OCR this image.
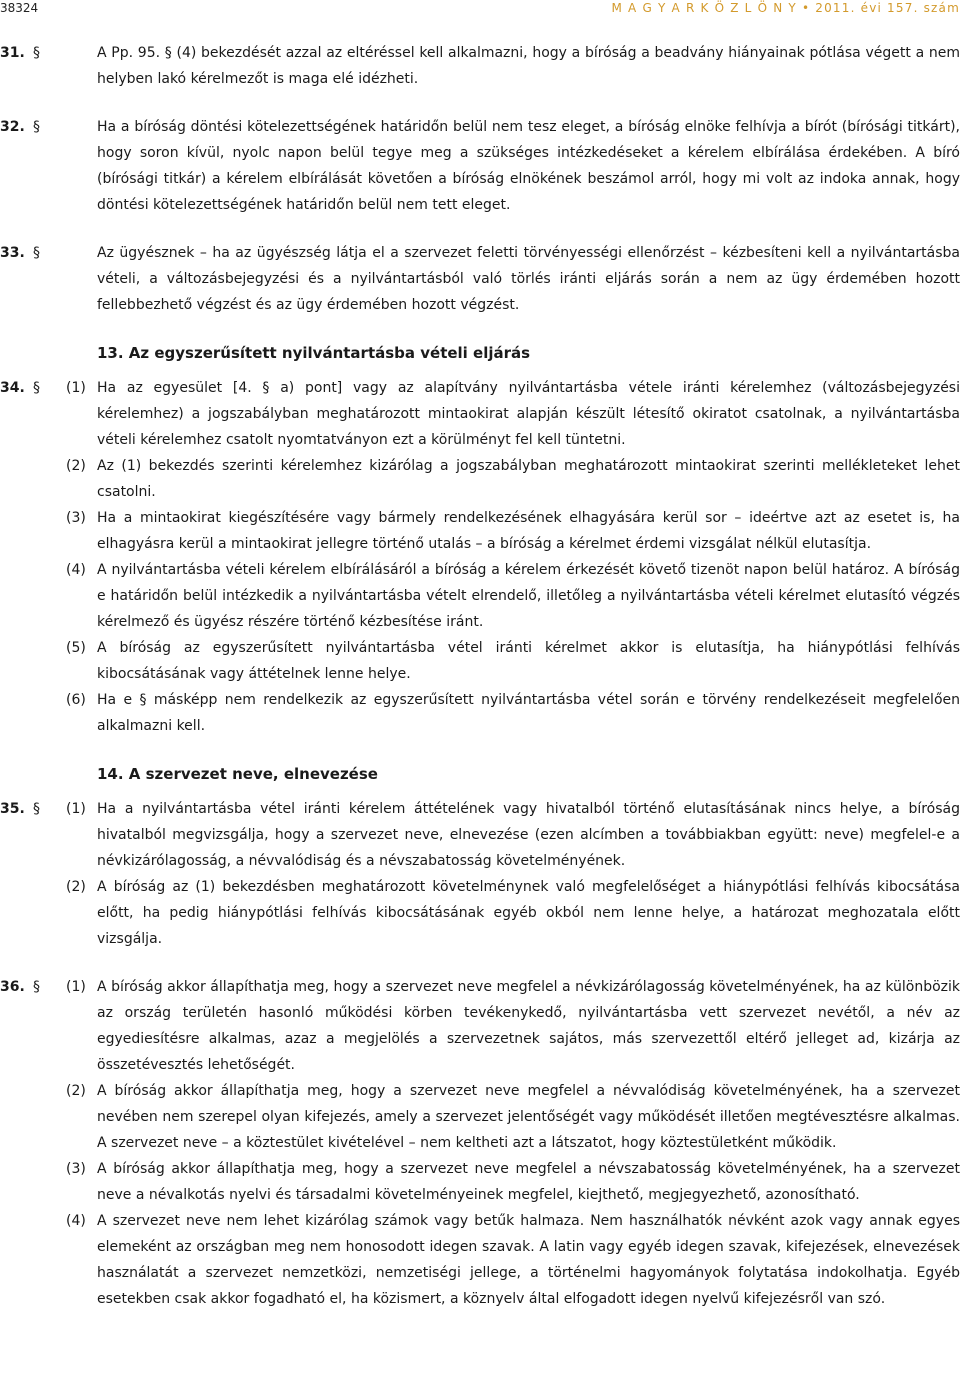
38324	M A G Y A R K Ö Z L Ö N Y • 2011. évi 157. szám

31. §	A Pp. 95. § (4) bekezdését azzal az eltéréssel kell alkalmazni, hogy a bíróság a beadvány hiányainak pótlása végett a nem helyben lakó kérelmezőt is maga elé idézheti.

32. §	Ha a bíróság döntési kötelezettségének határidőn belül nem tesz eleget, a bíróság elnöke felhívja a bírót (bírósági titkárt), hogy soron kívül, nyolc napon belül tegye meg a szükséges intézkedéseket a kérelem elbírálása érdekében. A bíró (bírósági titkár) a kérelem elbírálását követően a bíróság elnökének beszámol arról, hogy mi volt az indoka annak, hogy döntési kötelezettségének határidőn belül nem tett eleget.

33. §	Az ügyésznek – ha az ügyészség látja el a szervezet feletti törvényességi ellenőrzést – kézbesíteni kell a nyilvántartásba vételi, a változásbejegyzési és a nyilvántartásból való törlés iránti eljárás során a nem az ügy érdemében hozott fellebbezhető végzést és az ügy érdemében hozott végzést.

13. Az egyszerűsített nyilvántartásba vételi eljárás

34. § (1) Ha az egyesület [4. § a) pont] vagy az alapítvány nyilvántartásba vétele iránti kérelemhez (változásbejegyzési kérelemhez) a jogszabályban meghatározott mintaokirat alapján készült létesítő okiratot csatolnak, a nyilvántartásba vételi kérelemhez csatolt nyomtatványon ezt a körülményt fel kell tüntetni.

(2) Az (1) bekezdés szerinti kérelemhez kizárólag a jogszabályban meghatározott mintaokirat szerinti mellékleteket lehet csatolni.

(3) Ha a mintaokirat kiegészítésére vagy bármely rendelkezésének elhagyására kerül sor – ideértve azt az esetet is, ha elhagyásra kerül a mintaokirat jellegre történő utalás – a bíróság a kérelmet érdemi vizsgálat nélkül elutasítja.

(4) A nyilvántartásba vételi kérelem elbírálásáról a bíróság a kérelem érkezését követő tizenöt napon belül határoz. A bíróság e határidőn belül intézkedik a nyilvántartásba vételt elrendelő, illetőleg a nyilvántartásba vételi kérelmet elutasító végzés kérelmező és ügyész részére történő kézbesítése iránt.

(5) A bíróság az egyszerűsített nyilvántartásba vétel iránti kérelmet akkor is elutasítja, ha hiánypótlási felhívás kibocsátásának vagy áttételnek lenne helye.

(6) Ha e § másképp nem rendelkezik az egyszerűsített nyilvántartásba vétel során e törvény rendelkezéseit megfelelően alkalmazni kell.

14. A szervezet neve, elnevezése

35. § (1) Ha a nyilvántartásba vétel iránti kérelem áttételének vagy hivatalból történő elutasításának nincs helye, a bíróság hivatalból megvizsgálja, hogy a szervezet neve, elnevezése (ezen alcímben a továbbiakban együtt: neve) megfelel-e a névkizárólagosság, a névvalódiság és a névszabatosság követelményének.

(2) A bíróság az (1) bekezdésben meghatározott követelménynek való megfelelőséget a hiánypótlási felhívás kibocsátása előtt, ha pedig hiánypótlási felhívás kibocsátásának egyéb okból nem lenne helye, a határozat meghozatala előtt vizsgálja.

36. § (1) A bíróság akkor állapíthatja meg, hogy a szervezet neve megfelel a névkizárólagosság követelményének, ha az különbözik az ország területén hasonló működési körben tevékenykedő, nyilvántartásba vett szervezet nevétől, a név az egyediesítésre alkalmas, azaz a megjelölés a szervezetnek sajátos, más szervezettől eltérő jelleget ad, kizárja az összetévesztés lehetőségét.

(2) A bíróság akkor állapíthatja meg, hogy a szervezet neve megfelel a névvalódiság követelményének, ha a szervezet nevében nem szerepel olyan kifejezés, amely a szervezet jelentőségét vagy működését illetően megtévesztésre alkalmas. A szervezet neve – a köztestület kivételével – nem keltheti azt a látszatot, hogy köztestületként működik.

(3) A bíróság akkor állapíthatja meg, hogy a szervezet neve megfelel a névszabatosság követelményének, ha a szervezet neve a névalkotás nyelvi és társadalmi követelményeinek megfelel, kiejthető, megjegyezhető, azonosítható.

(4) A szervezet neve nem lehet kizárólag számok vagy betűk halmaza. Nem használhatók névként azok vagy annak egyes elemeként az országban meg nem honosodott idegen szavak. A latin vagy egyéb idegen szavak, kifejezések, elnevezések használatát a szervezet nemzetközi, nemzetiségi jellege, a történelmi hagyományok folytatása indokolhatja. Egyéb esetekben csak akkor fogadható el, ha közismert, a köznyelv által elfogadott idegen nyelvű kifejezésről van szó.
